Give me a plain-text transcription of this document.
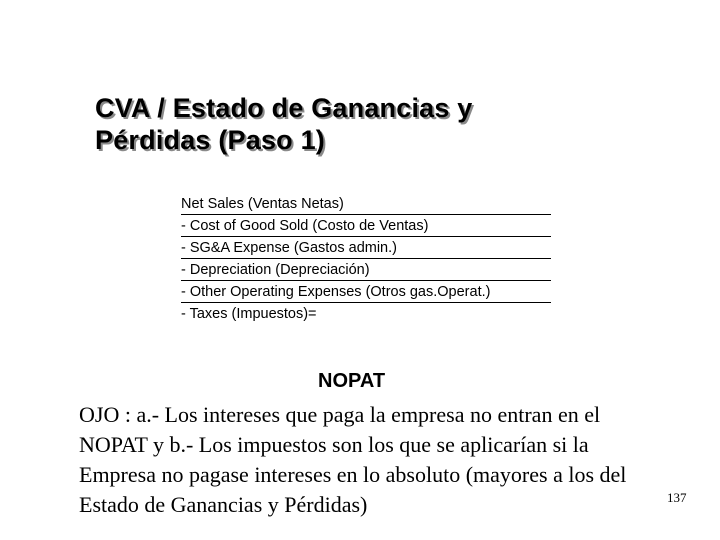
CVA / Estado de Ganancias y
Pérdidas (Paso 1)
Net Sales (Ventas Netas)
- Cost of Good Sold (Costo de Ventas)
- SG&A Expense (Gastos admin.)
- Depreciation (Depreciación)
- Other Operating Expenses (Otros gas.Operat.)
- Taxes (Impuestos)=
NOPAT
OJO : a.- Los intereses que paga la empresa no entran en el
NOPAT y b.- Los impuestos son los que se aplicarían si la
Empresa no pagase intereses en lo absoluto (mayores a los del
Estado de Ganancias y Pérdidas)	137
